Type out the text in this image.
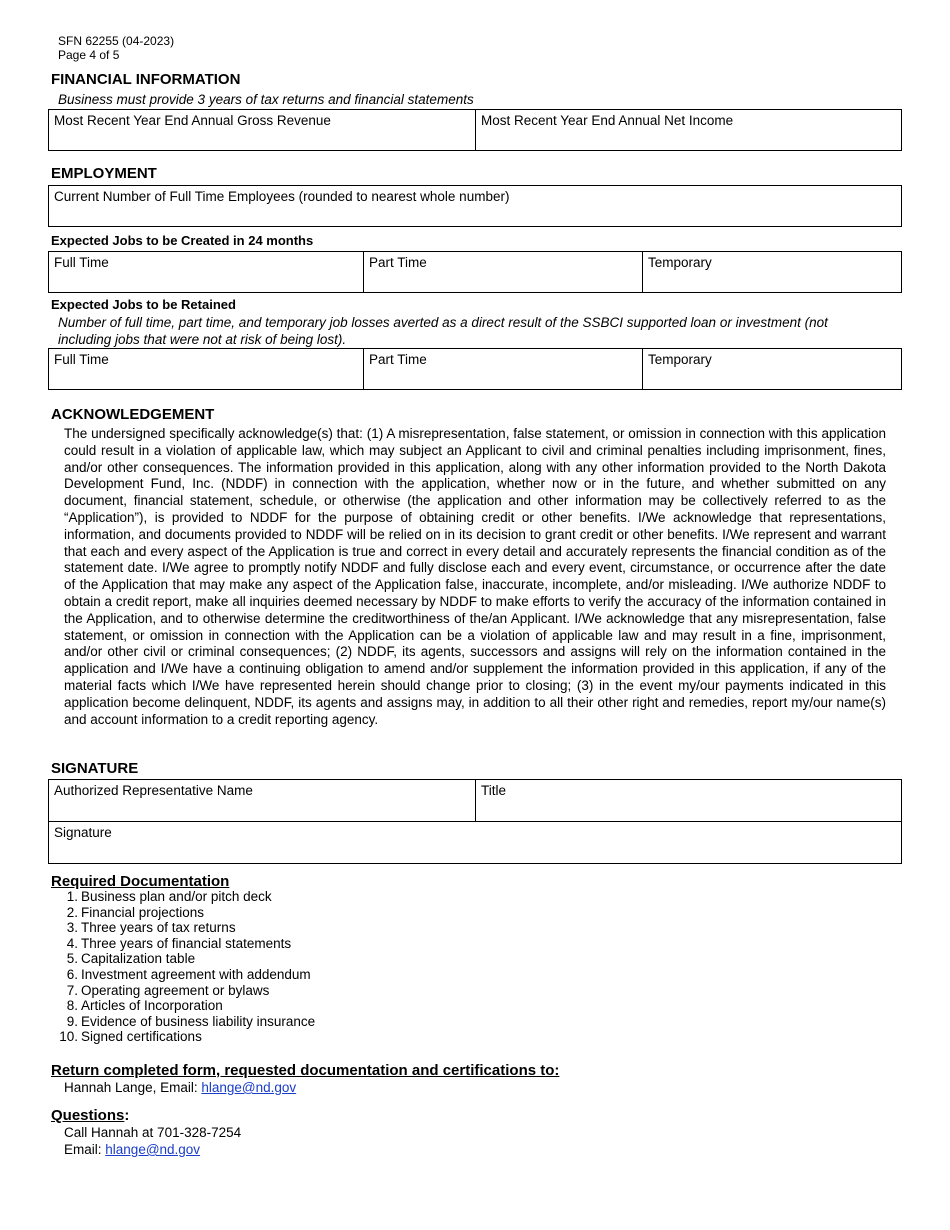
SFN 62255 (04-2023)
Page 4 of 5
FINANCIAL INFORMATION
Business must provide 3 years of tax returns and financial statements
Most Recent Year End Annual Gross Revenue	Most Recent Year End Annual Net Income
EMPLOYMENT
Current Number of Full Time Employees (rounded to nearest whole number)
Expected Jobs to be Created in 24 months
Full Time	Part Time	Temporary
Expected Jobs to be Retained
Number of full time, part time, and temporary job losses averted as a direct result of the SSBCI supported loan or investment (not including jobs that were not at risk of being lost).
Full Time	Part Time	Temporary
ACKNOWLEDGEMENT
The undersigned specifically acknowledge(s) that: (1) A misrepresentation, false statement, or omission in connection with this application could result in a violation of applicable law, which may subject an Applicant to civil and criminal penalties including imprisonment, fines, and/or other consequences. The information provided in this application, along with any other information provided to the North Dakota Development Fund, Inc. (NDDF) in connection with the application, whether now or in the future, and whether submitted on any document, financial statement, schedule, or otherwise (the application and other information may be collectively referred to as the “Application”), is provided to NDDF for the purpose of obtaining credit or other benefits. I/We acknowledge that representations, information, and documents provided to NDDF will be relied on in its decision to grant credit or other benefits. I/We represent and warrant that each and every aspect of the Application is true and correct in every detail and accurately represents the financial condition as of the statement date. I/We agree to promptly notify NDDF and fully disclose each and every event, circumstance, or occurrence after the date of the Application that may make any aspect of the Application false, inaccurate, incomplete, and/or misleading. I/We authorize NDDF to obtain a credit report, make all inquiries deemed necessary by NDDF to make efforts to verify the accuracy of the information contained in the Application, and to otherwise determine the creditworthiness of the/an Applicant. I/We acknowledge that any misrepresentation, false statement, or omission in connection with the Application can be a violation of applicable law and may result in a fine, imprisonment, and/or other civil or criminal consequences; (2) NDDF, its agents, successors and assigns will rely on the information contained in the application and I/We have a continuing obligation to amend and/or supplement the information provided in this application, if any of the material facts which I/We have represented herein should change prior to closing; (3) in the event my/our payments indicated in this application become delinquent, NDDF, its agents and assigns may, in addition to all their other right and remedies, report my/our name(s) and account information to a credit reporting agency.
SIGNATURE
Authorized Representative Name	Title
Signature
Required Documentation
1. Business plan and/or pitch deck
2. Financial projections
3. Three years of tax returns
4. Three years of financial statements
5. Capitalization table
6. Investment agreement with addendum
7. Operating agreement or bylaws
8. Articles of Incorporation
9. Evidence of business liability insurance
10. Signed certifications
Return completed form, requested documentation and certifications to:
Hannah Lange, Email: hlange@nd.gov
Questions:
Call Hannah at 701-328-7254
Email: hlange@nd.gov
